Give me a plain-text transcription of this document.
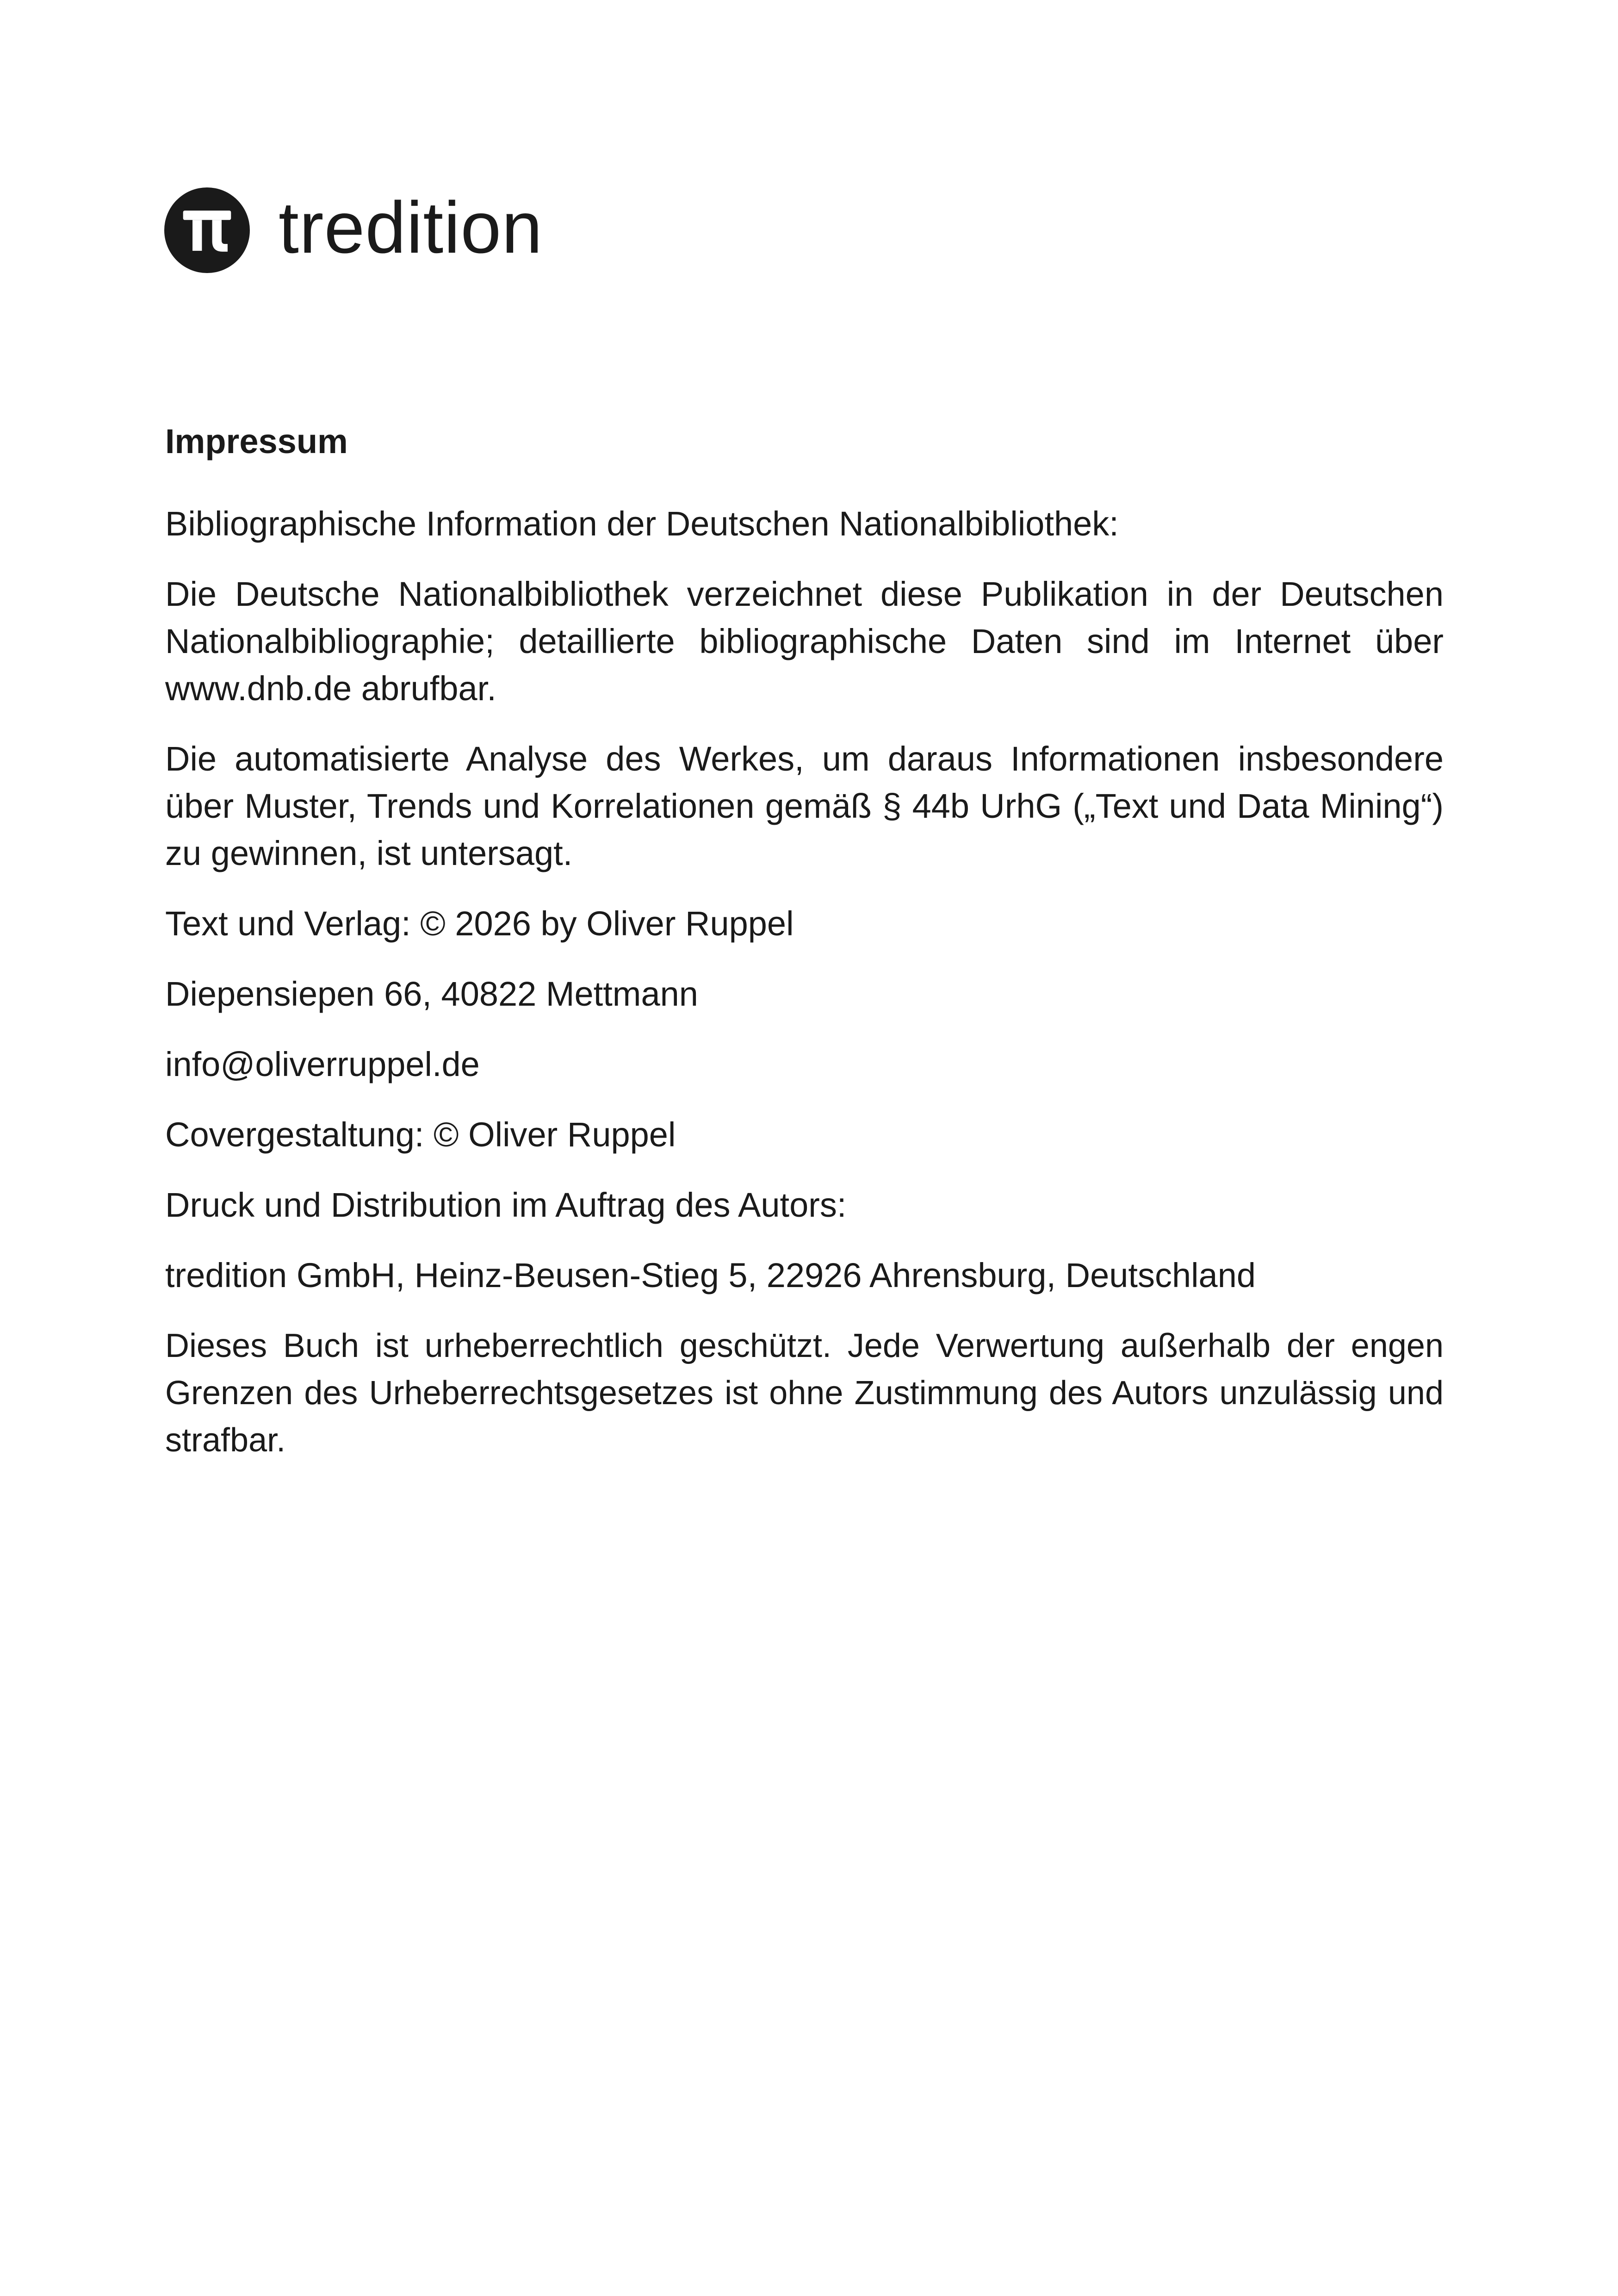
tredition
Impressum

Bibliographische Information der Deutschen Nationalbibliothek:

Die Deutsche Nationalbibliothek verzeichnet diese Publikation in der Deutschen Nationalbibliographie; detaillierte bibliographische Daten sind im Internet über www.dnb.de abrufbar.

Die automatisierte Analyse des Werkes, um daraus Informationen insbesondere über Muster, Trends und Korrelationen gemäß § 44b UrhG („Text und Data Mining“) zu gewinnen, ist untersagt.

Text und Verlag: © 2026 by Oliver Ruppel

Diepensiepen 66, 40822 Mettmann

info@oliverruppel.de

Covergestaltung: © Oliver Ruppel

Druck und Distribution im Auftrag des Autors:

tredition GmbH, Heinz-Beusen-Stieg 5, 22926 Ahrensburg, Deutschland

Dieses Buch ist urheberrechtlich geschützt. Jede Verwertung außerhalb der engen Grenzen des Urheberrechtsgesetzes ist ohne Zustimmung des Autors unzulässig und strafbar.
